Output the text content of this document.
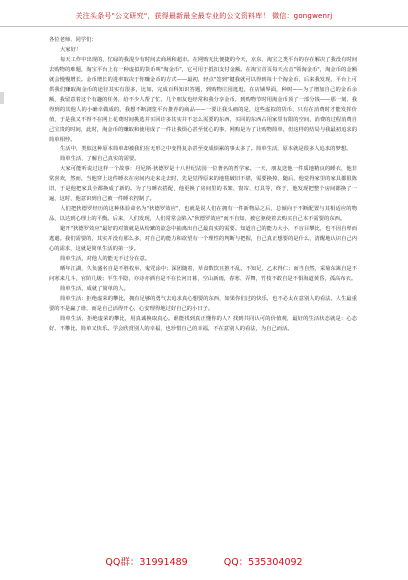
关注头条号"公文研究"，获得最新最全最专业的公文资料库！ 微信：gongwenrj

各位老师、同学们：

大家好！

每天工作中出现的，忙碌的我混少有时间去商场和超市。在网购无比便捷的今天，京东、淘宝之类平台的存在解决了我没有时间去购物的难题，淘宝平台上有一种虚拟的货币叫"淘金币"，它可用于抵扣支付金额。在淘宝首页每天点击"领淘金币"，淘金币的金额就会慢慢增长。金币增长的进率取决于你赚金币的方式——最初，轻点"签到"键我就可以得到每十个淘金币，后来我发现，平台上可供我们赚取淘金币的途径其实有很多，比如，完成百科知识答题，到购物庄园逛逛，在店铺界面，种树——为了增加自己的金币余额，我留意着这个有趣的任务，给不少人帮了忙，几个朋友也经常和我分享金币，到购物节时用淘金币顶了一部分钱——那一刻，我得到的其他人的小确幸做成的，我想不断浏览平台推荐的商品——一要让我头痛的是，这些虚拟的货币，只有在消费时才能发挥价值，于是我又不得不在网上花费时间挑选并买回许多其实并不怎么需要的东西，买回的东西占用家里有限的空间，消费的过程消费自己宝贵的时间，此时，淘金币的赚取和使用成了一件让我烦心甚至忧心的事，网购是为了让购物简单，但这样的结局与我最初追求的简单相悖。

生活中，类似这种原本简单却被我们在无形之中变得复杂甚至变成烦累的事太多了。简单生活，原本就是很多人追求的梦想。

简单生活，了解自己真实的需要。

大家可能听说过这样一个故事：丹尼斯·狄德罗是十八世纪法国一位著名的哲学家。一天，朋友送他一件质地精良的睡衣，他非常喜欢，然而，当他穿上这件睡衣在房间内走来走去时，先是觉得原来的地毯破旧不堪，需要换掉，随后，他觉得家里的家具都很陈旧，于是他把家具全都换成了新的。为了与睡衣搭配，他更换了房间里的书架、窗帘、灯具等，终于，他发现把整个房间都换了一遍，这时，他意识到自己被一件睡衣控制了。

人们把狄德罗经历的这种体验命名为"狄德罗效应"，也就是说人们在拥有一件新物品之后，总倾向于不断配置与其相适应的物品，以达到心理上的平衡。后来，人们发现，人们常常会陷入"狄德罗效应"而不自知，被它驱使着去购买自己本不需要的东西。

避开"狄德罗效应"最好的对策就是从纷繁的欲念中抽离出自己最真实的需要。知道自己的能力大小，不盲目攀比，也不因自卑而逃避。我们需要的，其实并没有那么多，对自己的能力和欲望有一个理性的判断与把握，自己真正想要的是什么，清醒地认识自己内心的需求，这就是简单生活的第一步。

简单生活，对他人的能无不过分在意。

晒年江湖，久负盛名自是不胜枚举，鬼咒涂中；深团随着，草食数饮且推不乱。不知足，乙未得仁；而当自然，采菊东篱自是不问寒来几斗，官阶几级；半生半隐，亦诗亦酒自是不在长河日暮，空山新雨，春寒、弄舞，竹枝不敢自是不惧海道黄昏，孤高布衣。

简单生活，成就了简单的人。

简单生活：拒绝虚荣的攀比，拥有足够的勇气去追求真心想要的东西，如果你们过的快乐，也不必太在意别人的看法。人生最重要的不是赢了谁，而是自己活得开心，心安理得地过好自己的小日子。

简单生活，拒绝虚荣的攀比，用真诚换取真心。谁能找到真正懂你的人？找到共同认可的价值观，最好的生活状态就是：心态好、不攀比，简单又快乐。学会欣赏别人的幸福，也珍惜自己的幸福，不在意别人的看法，为自己而活。

QQ群：31991489	QQ：535304092
